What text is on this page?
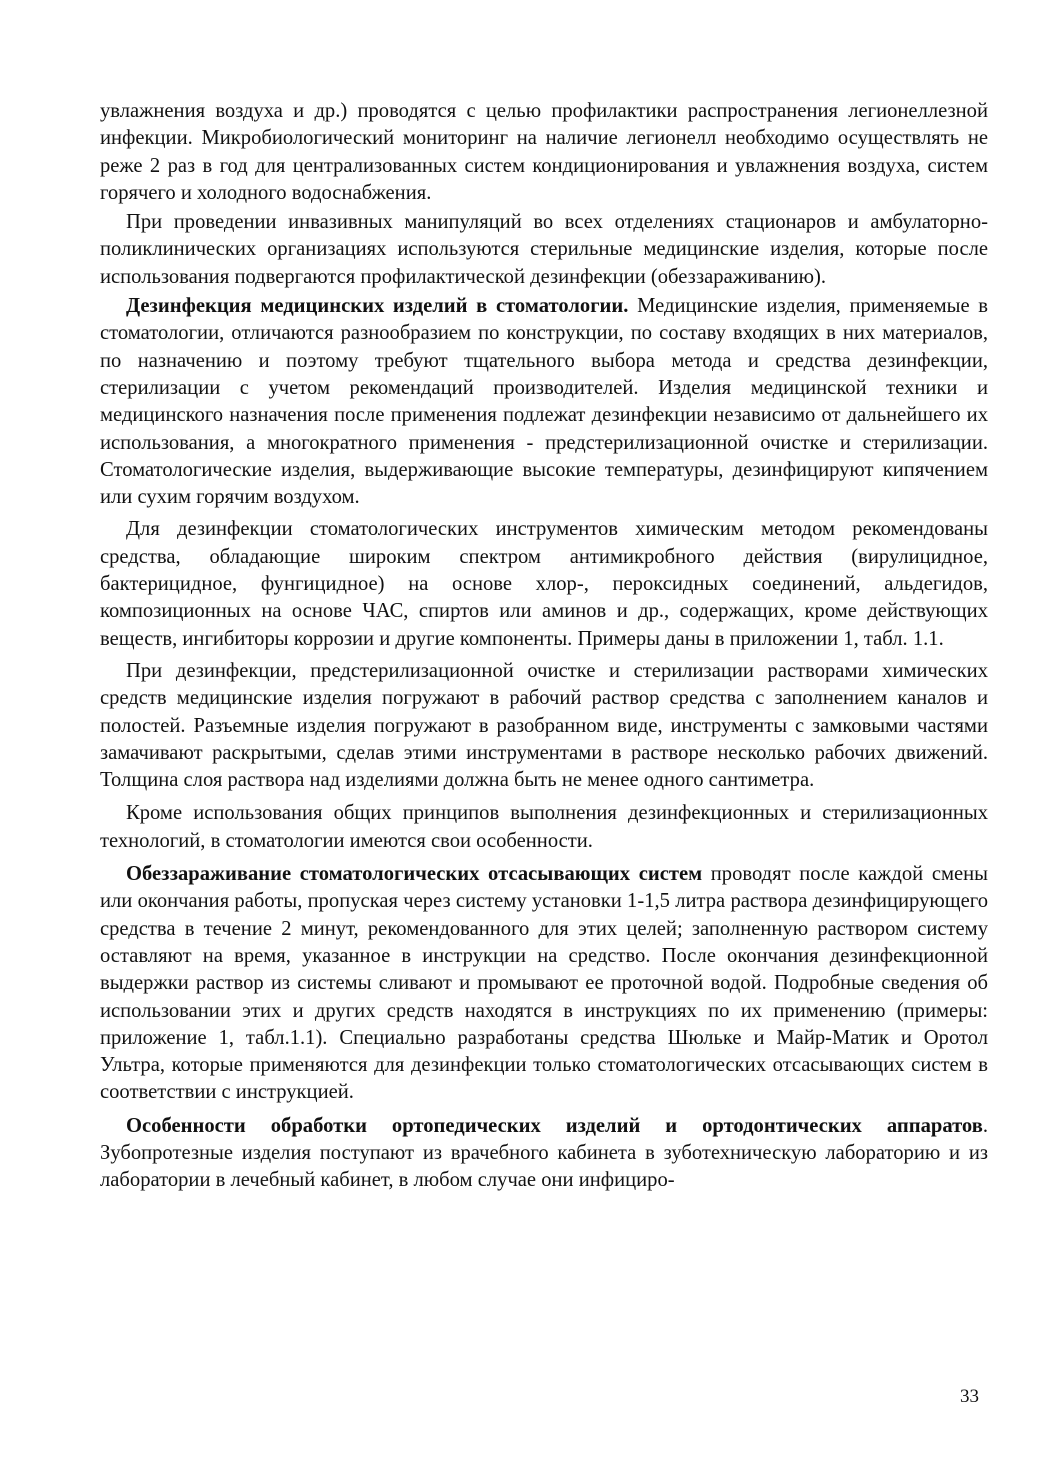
увлажнения воздуха и др.) проводятся с целью профилактики распространения легионеллезной инфекции. Микробиологический мониторинг на наличие легионелл необходимо осуществлять не реже 2 раз в год для централизованных систем кондиционирования и увлажнения воздуха, систем горячего и холодного водоснабжения.

При проведении инвазивных манипуляций во всех отделениях стационаров и амбулаторно-поликлинических организациях используются стерильные медицинские изделия, которые после использования подвергаются профилактической дезинфекции (обеззараживанию).

Дезинфекция медицинских изделий в стоматологии. Медицинские изделия, применяемые в стоматологии, отличаются разнообразием по конструкции, по составу входящих в них материалов, по назначению и поэтому требуют тщательного выбора метода и средства дезинфекции, стерилизации с учетом рекомендаций производителей. Изделия медицинской техники и медицинского назначения после применения подлежат дезинфекции независимо от дальнейшего их использования, а многократного применения - предстерилизационной очистке и стерилизации. Стоматологические изделия, выдерживающие высокие температуры, дезинфицируют кипячением или сухим горячим воздухом.

Для дезинфекции стоматологических инструментов химическим методом рекомендованы средства, обладающие широким спектром антимикробного действия (вирулицидное, бактерицидное, фунгицидное) на основе хлор-, пероксидных соединений, альдегидов, композиционных на основе ЧАС, спиртов или аминов и др., содержащих, кроме действующих веществ, ингибиторы коррозии и другие компоненты. Примеры даны в приложении 1, табл. 1.1.

При дезинфекции, предстерилизационной очистке и стерилизации растворами химических средств медицинские изделия погружают в рабочий раствор средства с заполнением каналов и полостей. Разъемные изделия погружают в разобранном виде, инструменты с замковыми частями замачивают раскрытыми, сделав этими инструментами в растворе несколько рабочих движений. Толщина слоя раствора над изделиями должна быть не менее одного сантиметра.

Кроме использования общих принципов выполнения дезинфекционных и стерилизационных технологий, в стоматологии имеются свои особенности.

Обеззараживание стоматологических отсасывающих систем проводят после каждой смены или окончания работы, пропуская через систему установки 1-1,5 литра раствора дезинфицирующего средства в течение 2 минут, рекомендованного для этих целей; заполненную раствором систему оставляют на время, указанное в инструкции на средство. После окончания дезинфекционной выдержки раствор из системы сливают и промывают ее проточной водой. Подробные сведения об использовании этих и других средств находятся в инструкциях по их применению (примеры: приложение 1, табл.1.1). Специально разработаны средства Шюльке и Майр-Матик и Оротол Ультра, которые применяются для дезинфекции только стоматологических отсасывающих систем в соответствии с инструкцией.

Особенности обработки ортопедических изделий и ортодонтических аппаратов. Зубопротезные изделия поступают из врачебного кабинета в зуботехническую лабораторию и из лаборатории в лечебный кабинет, в любом случае они инфициро-

33
